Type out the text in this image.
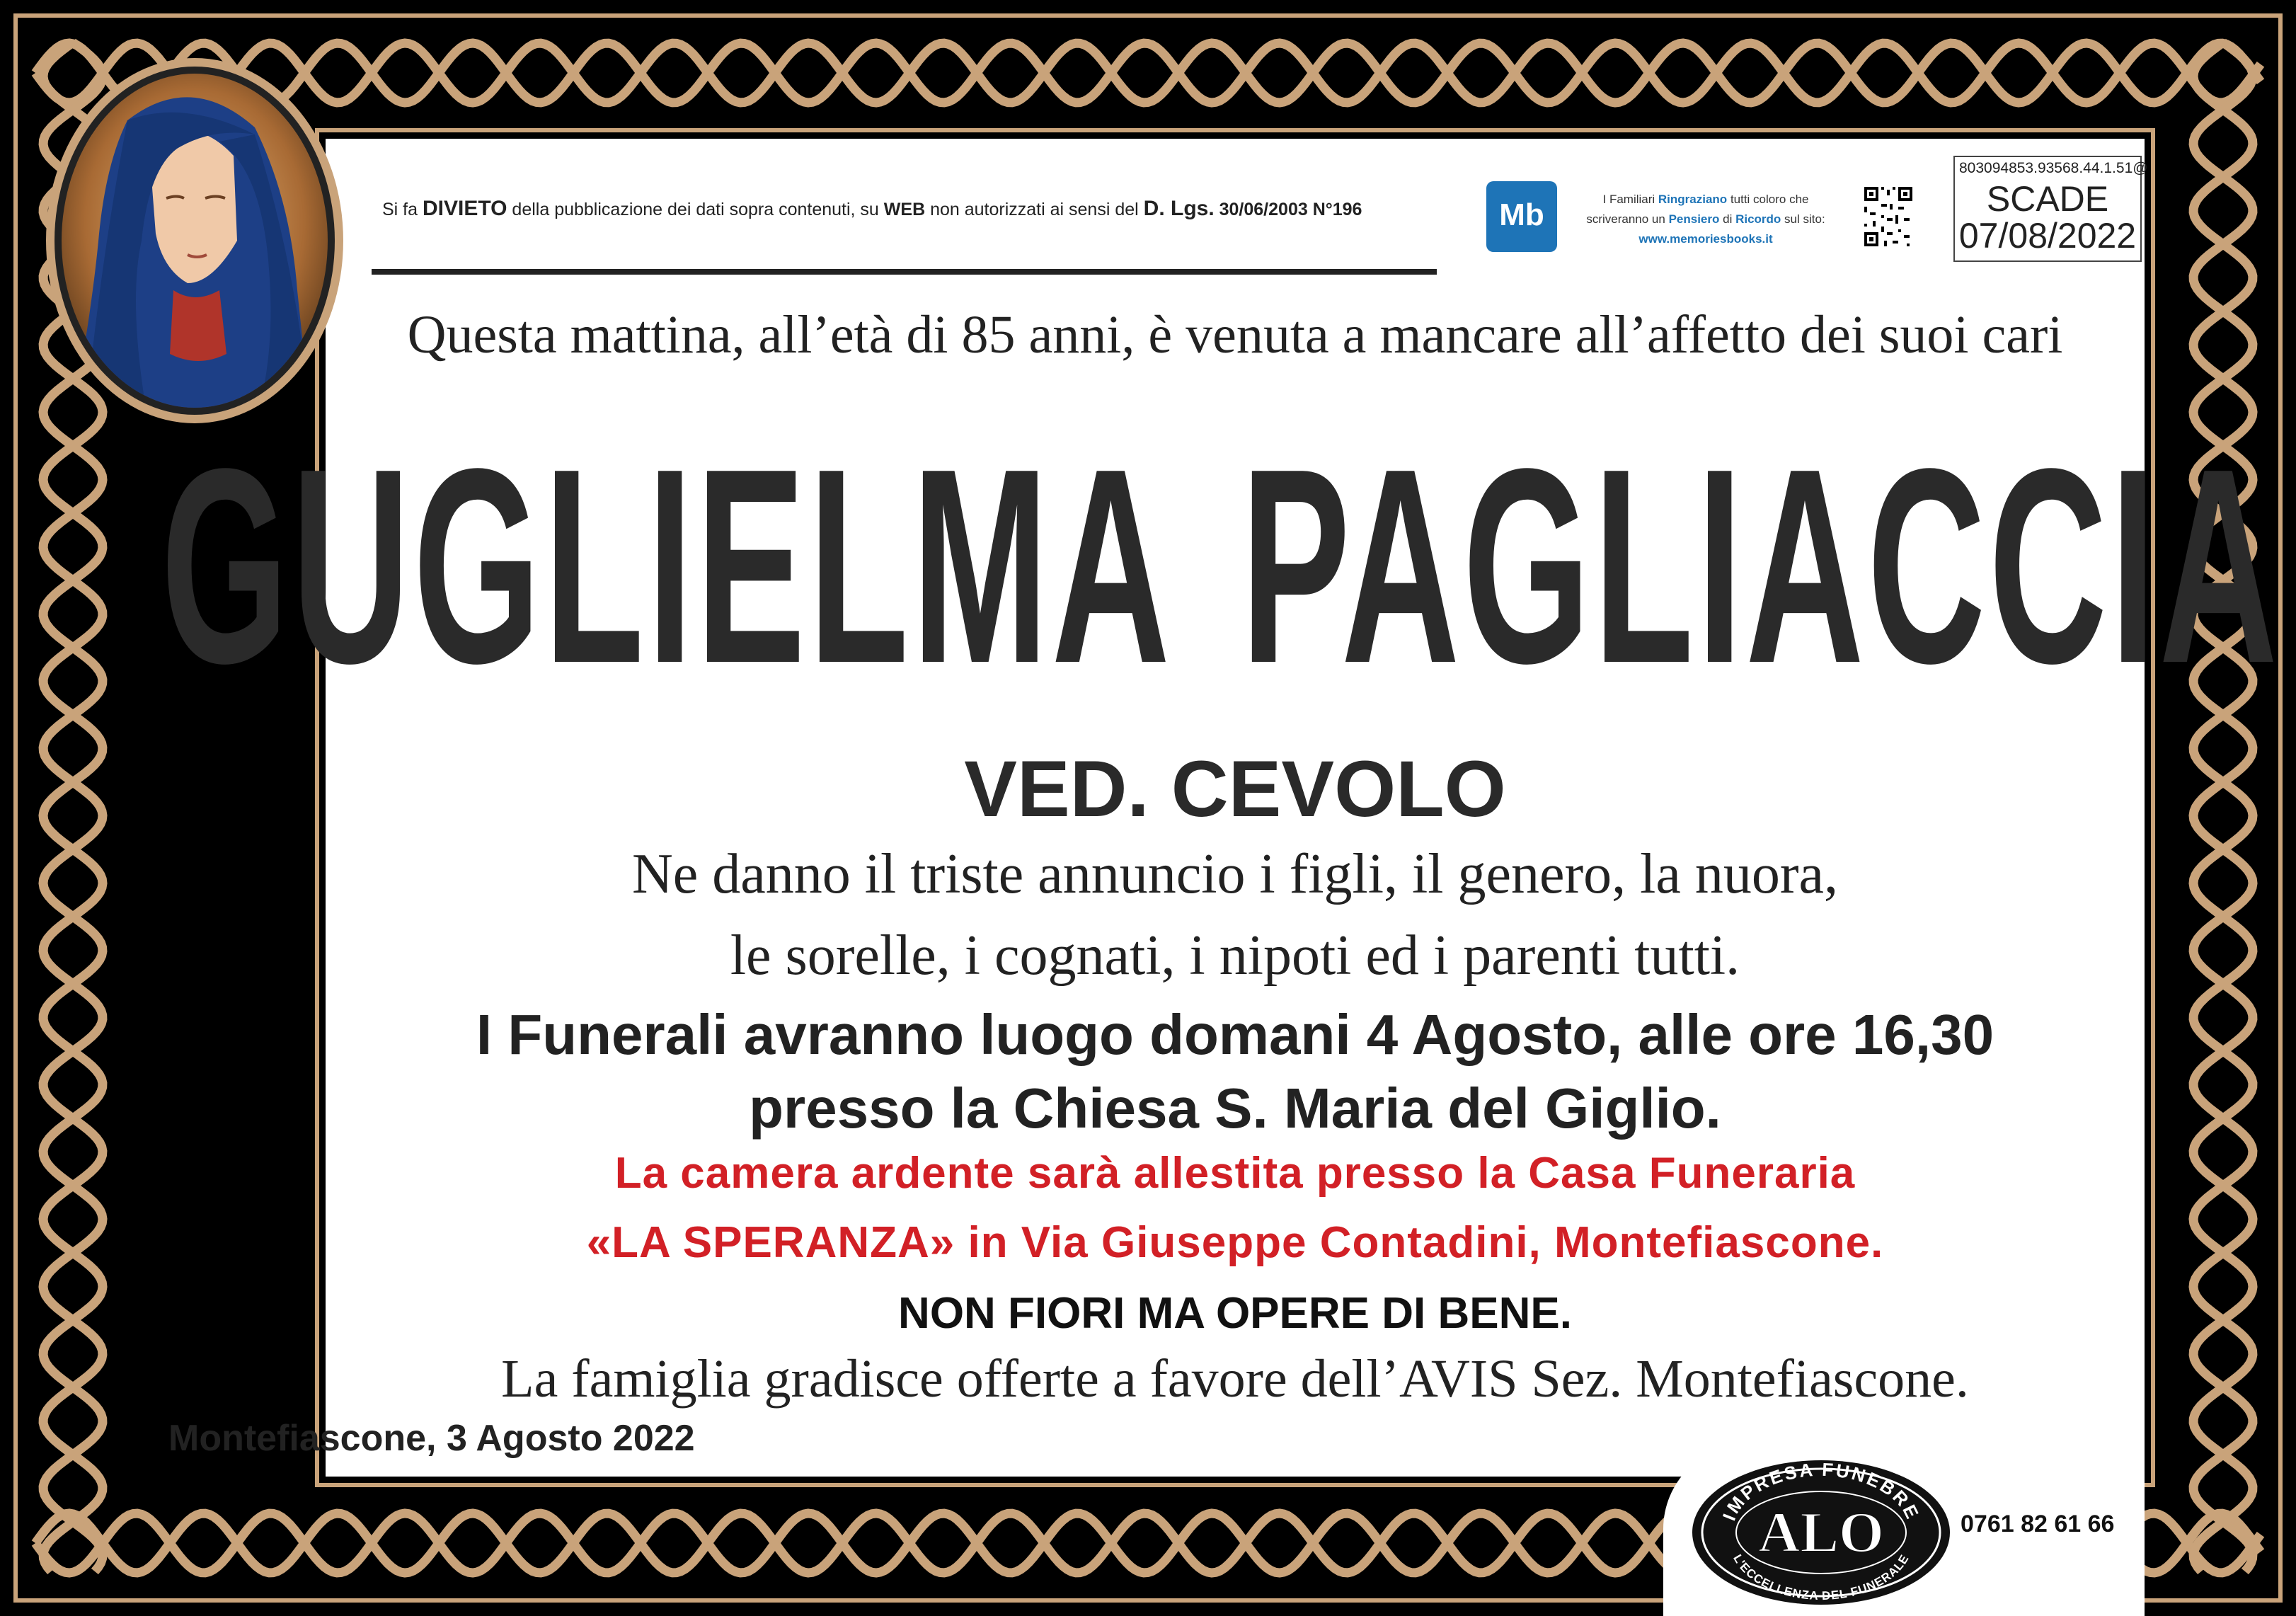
Si fa DIVIETO della pubblicazione dei dati sopra contenuti, su WEB non autorizzati ai sensi del D. Lgs. 30/06/2003 N°196	Mb	I Familiari Ringraziano tutti coloro che
scriveranno un Pensiero di Ricordo sul sito:
www.memoriesbooks.it
803094853.93568.44.1.51@
SCADE
07/08/2022
Questa mattina, all’età di 85 anni, è venuta a mancare all’affetto dei suoi cari
GUGLIELMA PAGLIACCIA
VED. CEVOLO
Ne danno il triste annuncio i figli, il genero, la nuora,
le sorelle, i cognati, i nipoti ed i parenti tutti.
I Funerali avranno luogo domani 4 Agosto, alle ore 16,30
presso la Chiesa S. Maria del Giglio.
La camera ardente sarà allestita presso la Casa Funeraria
«LA SPERANZA» in Via Giuseppe Contadini, Montefiascone.
NON FIORI MA OPERE DI BENE.
La famiglia gradisce offerte a favore dell’AVIS Sez. Montefiascone.
Montefiascone, 3 Agosto 2022
IMPRESA FUNEBRE
ALO
L'ECCELLENZA DEL FUNERALE
0761 82 61 66
